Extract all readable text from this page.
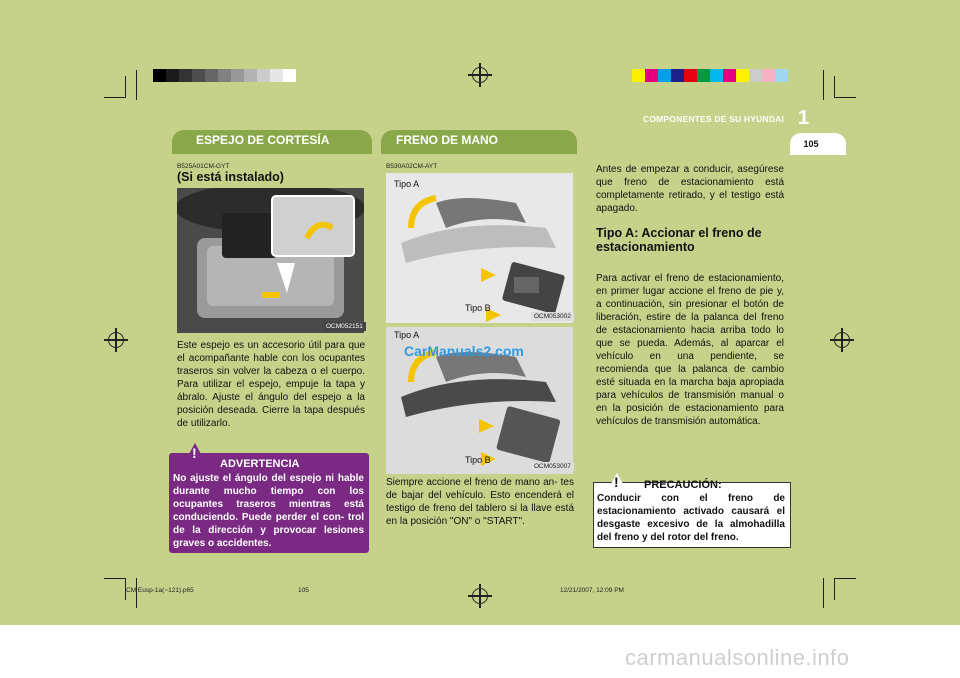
carmanualsonline.info
COMPONENTES DE SU HYUNDAI 1
105
ESPEJO DE CORTESÍA	FRENO DE MANO
B525A01CM-GYT
(Si está instalado)
OCM052151
Este espejo es un accesorio útil para que el acompañante hable con los ocupantes traseros sin volver la cabeza o el cuerpo. Para utilizar el espejo, empuje la tapa y ábralo. Ajuste el ángulo del espejo a la posición deseada. Cierre la tapa después de utilizarlo.
!
ADVERTENCIA
No ajuste el ángulo del espejo ni hable durante mucho tiempo con los ocupantes traseros mientras está conduciendo. Puede perder el con- trol de la dirección y provocar lesiones graves o accidentes.
B530A02CM-AYT
Tipo A
Tipo B
OCM053002
Tipo A
CarManuals2.com
Tipo B
OCM053007
Siempre accione el freno de mano an- tes de bajar del vehículo. Esto encenderá el testigo de freno del tablero si la llave está en la posición "ON" o "START".
Antes de empezar a conducir, asegúrese que freno de estacionamiento está completamente retirado, y el testigo está apagado.
Tipo A: Accionar el freno de estacionamiento
Para activar el freno de estacionamiento, en primer lugar accione el freno de pie y, a continuación, sin presionar el botón de liberación, estire de la palanca del freno de estacionamiento hacia arriba todo lo que se pueda. Además, al aparcar el vehículo en una pendiente, se recomienda que la palanca de cambio esté situada en la marcha baja apropiada para vehículos de transmisión manual o en la posición de estacionamiento para vehículos de transmisión automática.
! PRECAUCIÓN:
Conducir con el freno de estacionamiento activado causará el desgaste excesivo de la almohadilla del freno y del rotor del freno.
CM Eusp-1a(~121).p65	105	12/21/2007, 12:09 PM
